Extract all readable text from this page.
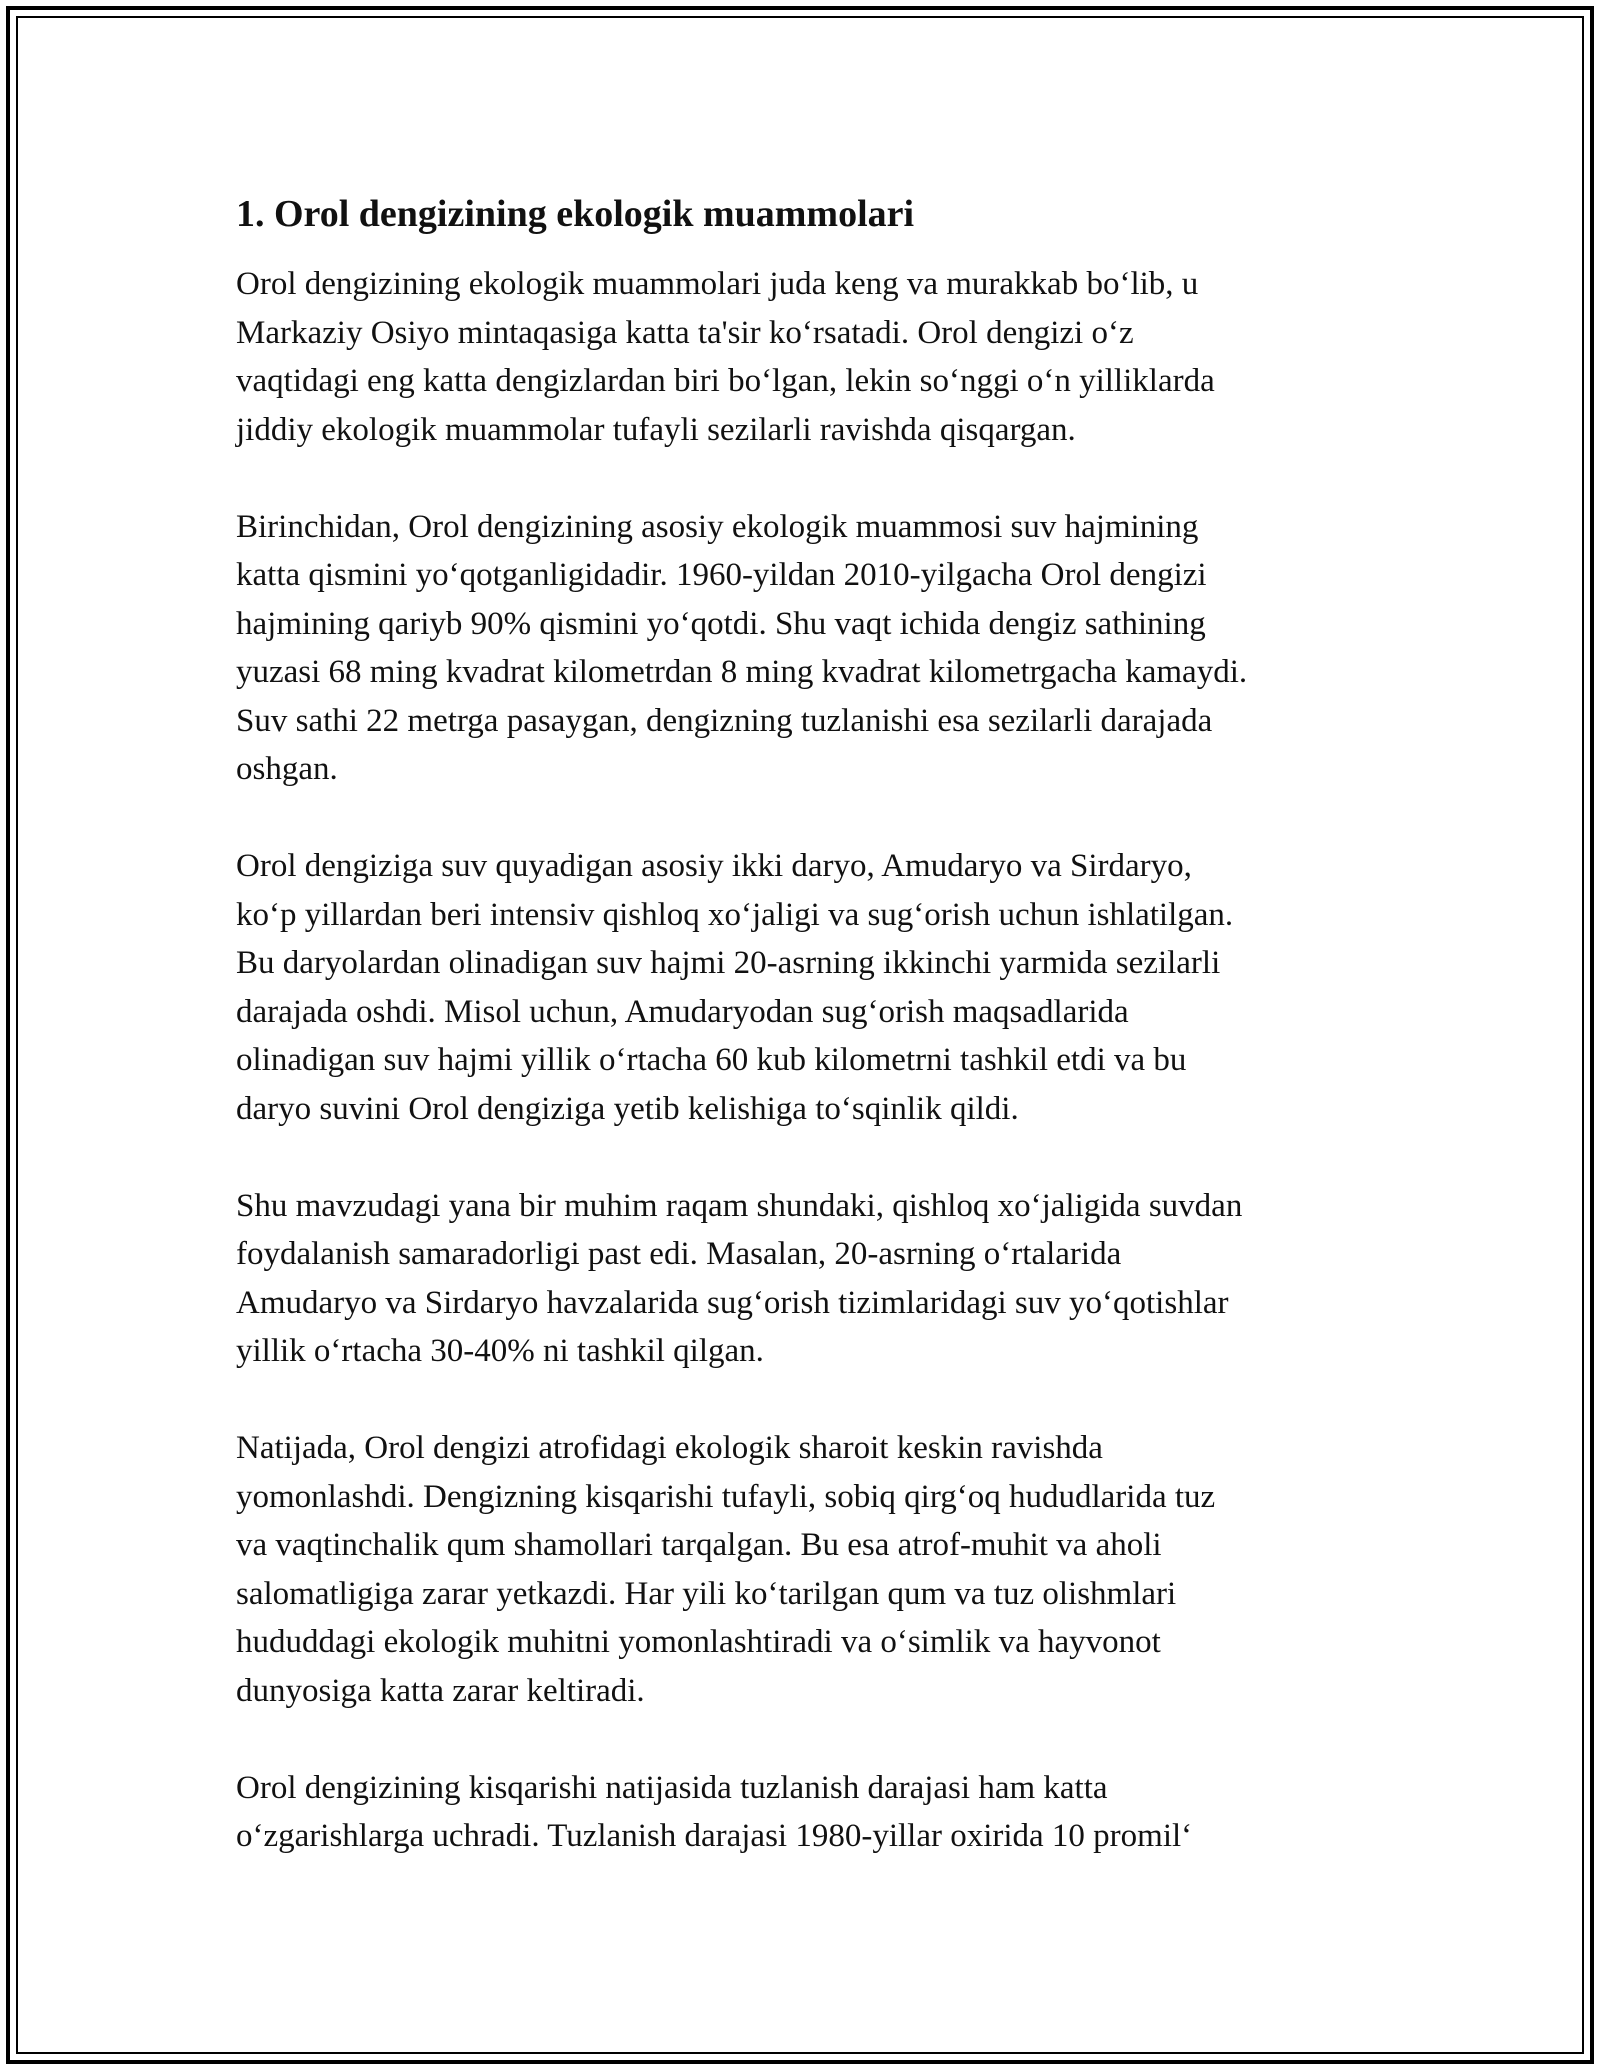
1. Orol dengizining ekologik muammolari

Orol dengizining ekologik muammolari juda keng va murakkab bo‘lib, u
Markaziy Osiyo mintaqasiga katta ta'sir ko‘rsatadi. Orol dengizi o‘z
vaqtidagi eng katta dengizlardan biri bo‘lgan, lekin so‘nggi o‘n yilliklarda
jiddiy ekologik muammolar tufayli sezilarli ravishda qisqargan.

Birinchidan, Orol dengizining asosiy ekologik muammosi suv hajmining
katta qismini yo‘qotganligidadir. 1960-yildan 2010-yilgacha Orol dengizi
hajmining qariyb 90% qismini yo‘qotdi. Shu vaqt ichida dengiz sathining
yuzasi 68 ming kvadrat kilometrdan 8 ming kvadrat kilometrgacha kamaydi.
Suv sathi 22 metrga pasaygan, dengizning tuzlanishi esa sezilarli darajada
oshgan.

Orol dengiziga suv quyadigan asosiy ikki daryo, Amudaryo va Sirdaryo,
ko‘p yillardan beri intensiv qishloq xo‘jaligi va sug‘orish uchun ishlatilgan.
Bu daryolardan olinadigan suv hajmi 20-asrning ikkinchi yarmida sezilarli
darajada oshdi. Misol uchun, Amudaryodan sug‘orish maqsadlarida
olinadigan suv hajmi yillik o‘rtacha 60 kub kilometrni tashkil etdi va bu
daryo suvini Orol dengiziga yetib kelishiga to‘sqinlik qildi.

Shu mavzudagi yana bir muhim raqam shundaki, qishloq xo‘jaligida suvdan
foydalanish samaradorligi past edi. Masalan, 20-asrning o‘rtalarida
Amudaryo va Sirdaryo havzalarida sug‘orish tizimlaridagi suv yo‘qotishlar
yillik o‘rtacha 30-40% ni tashkil qilgan.

Natijada, Orol dengizi atrofidagi ekologik sharoit keskin ravishda
yomonlashdi. Dengizning kisqarishi tufayli, sobiq qirg‘oq hududlarida tuz
va vaqtinchalik qum shamollari tarqalgan. Bu esa atrof-muhit va aholi
salomatligiga zarar yetkazdi. Har yili ko‘tarilgan qum va tuz olishmlari
hududdagi ekologik muhitni yomonlashtiradi va o‘simlik va hayvonot
dunyosiga katta zarar keltiradi.

Orol dengizining kisqarishi natijasida tuzlanish darajasi ham katta
o‘zgarishlarga uchradi. Tuzlanish darajasi 1980-yillar oxirida 10 promil‘
